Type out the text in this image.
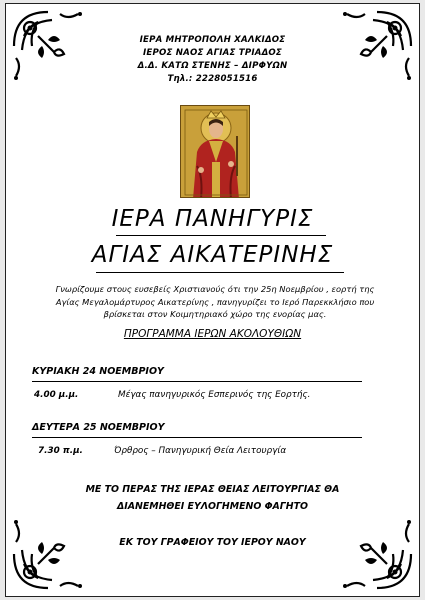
ΙΕΡΑ ΜΗΤΡΟΠΟΛΗ ΧΑΛΚΙΔΟΣ
ΙΕΡΟΣ ΝΑΟΣ ΑΓΙΑΣ ΤΡΙΑΔΟΣ
Δ.Δ. ΚΑΤΩ ΣΤΕΝΗΣ – ΔΙΡΦΥΩΝ
Τηλ.: 2228051516
ΙΕΡΑ ΠΑΝΗΓΥΡΙΣ
ΑΓΙΑΣ ΑΙΚΑΤΕΡΙΝΗΣ
Γνωρίζουμε στους ευσεβείς Χριστιανούς ότι την 25η Νοεμβρίου , εορτή της
Αγίας Μεγαλομάρτυρος Αικατερίνης , πανηγυρίζει το Ιερό Παρεκκλήσιο που
βρίσκεται στον Κοιμητηριακό χώρο της ενορίας μας.
ΠΡΟΓΡΑΜΜΑ ΙΕΡΩΝ ΑΚΟΛΟΥΘΙΩΝ
ΚΥΡΙΑΚΗ 24 ΝΟΕΜΒΡΙΟΥ
4.00 μ.μ.	Μέγας πανηγυρικός Εσπερινός της Εορτής.
ΔΕΥΤΕΡΑ 25 ΝΟΕΜΒΡΙΟΥ
7.30 π.μ.	Όρθρος – Πανηγυρική Θεία Λειτουργία
ΜΕ ΤΟ ΠΕΡΑΣ ΤΗΣ ΙΕΡΑΣ ΘΕΙΑΣ ΛΕΙΤΟΥΡΓΙΑΣ ΘΑ
ΔΙΑΝΕΜΗΘΕΙ ΕΥΛΟΓΗΜΕΝΟ ΦΑΓΗΤΟ
ΕΚ ΤΟΥ ΓΡΑΦΕΙΟΥ ΤΟΥ ΙΕΡΟΥ ΝΑΟΥ
